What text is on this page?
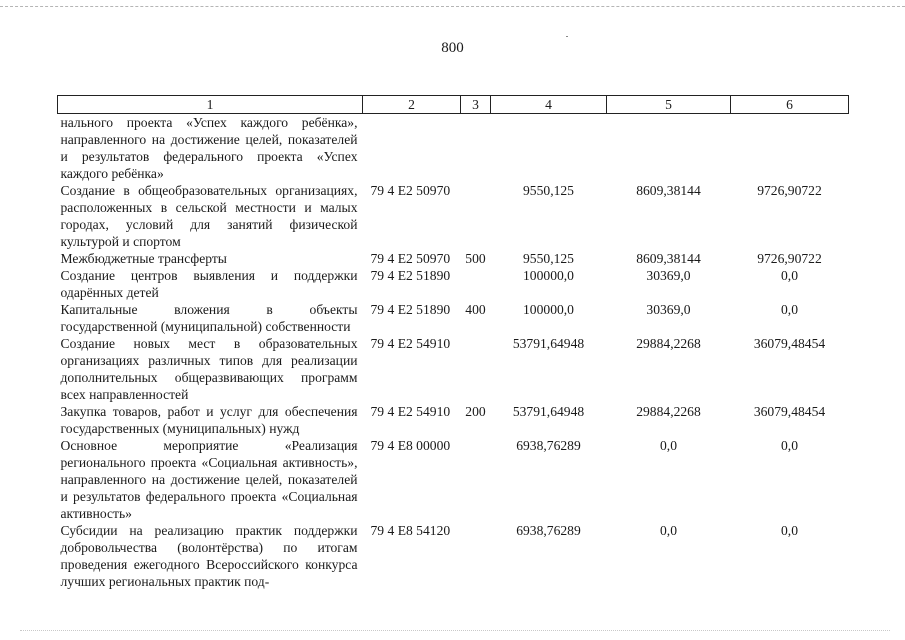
800
1	2	3	4	5	6
нального проекта «Успех каждого ребёнка», направленного на достижение целей, показателей и результатов федерального проекта «Успех каждого ребёнка»					
Создание в общеобразовательных организациях, расположенных в сельской местности и малых городах, условий для занятий физической культурой и спортом	79 4 E2 50970		9550,125	8609,38144	9726,90722
Межбюджетные трансферты	79 4 E2 50970	500	9550,125	8609,38144	9726,90722
Создание центров выявления и поддержки одарённых детей	79 4 E2 51890		100000,0	30369,0	0,0
Капитальные вложения в объекты государственной (муниципальной) собственности	79 4 E2 51890	400	100000,0	30369,0	0,0
Создание новых мест в образовательных организациях различных типов для реализации дополнительных общеразвивающих программ всех направленностей	79 4 E2 54910		53791,64948	29884,2268	36079,48454
Закупка товаров, работ и услуг для обеспечения государственных (муниципальных) нужд	79 4 E2 54910	200	53791,64948	29884,2268	36079,48454
Основное мероприятие «Реализация регионального проекта «Социальная активность», направленного на достижение целей, показателей и результатов федерального проекта «Социальная активность»	79 4 E8 00000		6938,76289	0,0	0,0
Субсидии на реализацию практик поддержки добровольчества (волонтёрства) по итогам проведения ежегодного Всероссийского конкурса лучших региональных практик под-	79 4 E8 54120		6938,76289	0,0	0,0
